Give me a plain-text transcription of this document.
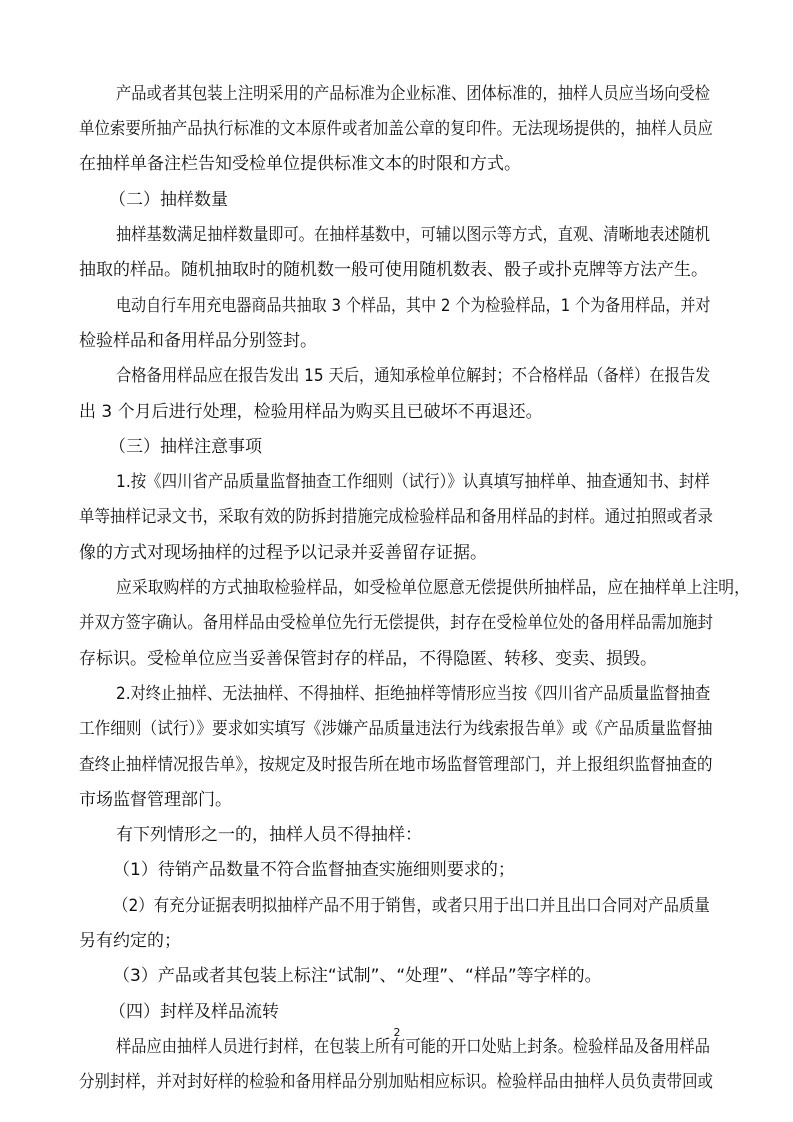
2
产品或者其包装上注明采用的产品标准为企业标准、团体标准的，抽样人员应当场向受检
单位索要所抽产品执行标准的文本原件或者加盖公章的复印件。无法现场提供的，抽样人员应
在抽样单备注栏告知受检单位提供标准文本的时限和方式。
（二）抽样数量
抽样基数满足抽样数量即可。在抽样基数中，可辅以图示等方式，直观、清晰地表述随机
抽取的样品。随机抽取时的随机数一般可使用随机数表、骰子或扑克牌等方法产生。
电动自行车用充电器商品共抽取 3 个样品，其中 2 个为检验样品，1 个为备用样品，并对
检验样品和备用样品分别签封。
合格备用样品应在报告发出 15 天后，通知承检单位解封；不合格样品（备样）在报告发
出 3 个月后进行处理，检验用样品为购买且已破坏不再退还。
（三）抽样注意事项
1.按《四川省产品质量监督抽查工作细则（试行）》认真填写抽样单、抽查通知书、封样
单等抽样记录文书，采取有效的防拆封措施完成检验样品和备用样品的封样。通过拍照或者录
像的方式对现场抽样的过程予以记录并妥善留存证据。
应采取购样的方式抽取检验样品，如受检单位愿意无偿提供所抽样品，应在抽样单上注明，
并双方签字确认。备用样品由受检单位先行无偿提供，封存在受检单位处的备用样品需加施封
存标识。受检单位应当妥善保管封存的样品，不得隐匿、转移、变卖、损毁。
2.对终止抽样、无法抽样、不得抽样、拒绝抽样等情形应当按《四川省产品质量监督抽查
工作细则（试行）》要求如实填写《涉嫌产品质量违法行为线索报告单》或《产品质量监督抽
查终止抽样情况报告单》，按规定及时报告所在地市场监督管理部门，并上报组织监督抽查的
市场监督管理部门。
有下列情形之一的，抽样人员不得抽样：
（1）待销产品数量不符合监督抽查实施细则要求的；
（2）有充分证据表明拟抽样产品不用于销售，或者只用于出口并且出口合同对产品质量
另有约定的；
（3）产品或者其包装上标注“试制”、“处理”、“样品”等字样的。
（四）封样及样品流转
样品应由抽样人员进行封样，在包装上所有可能的开口处贴上封条。检验样品及备用样品
分别封样，并对封好样的检验和备用样品分别加贴相应标识。检验样品由抽样人员负责带回或
